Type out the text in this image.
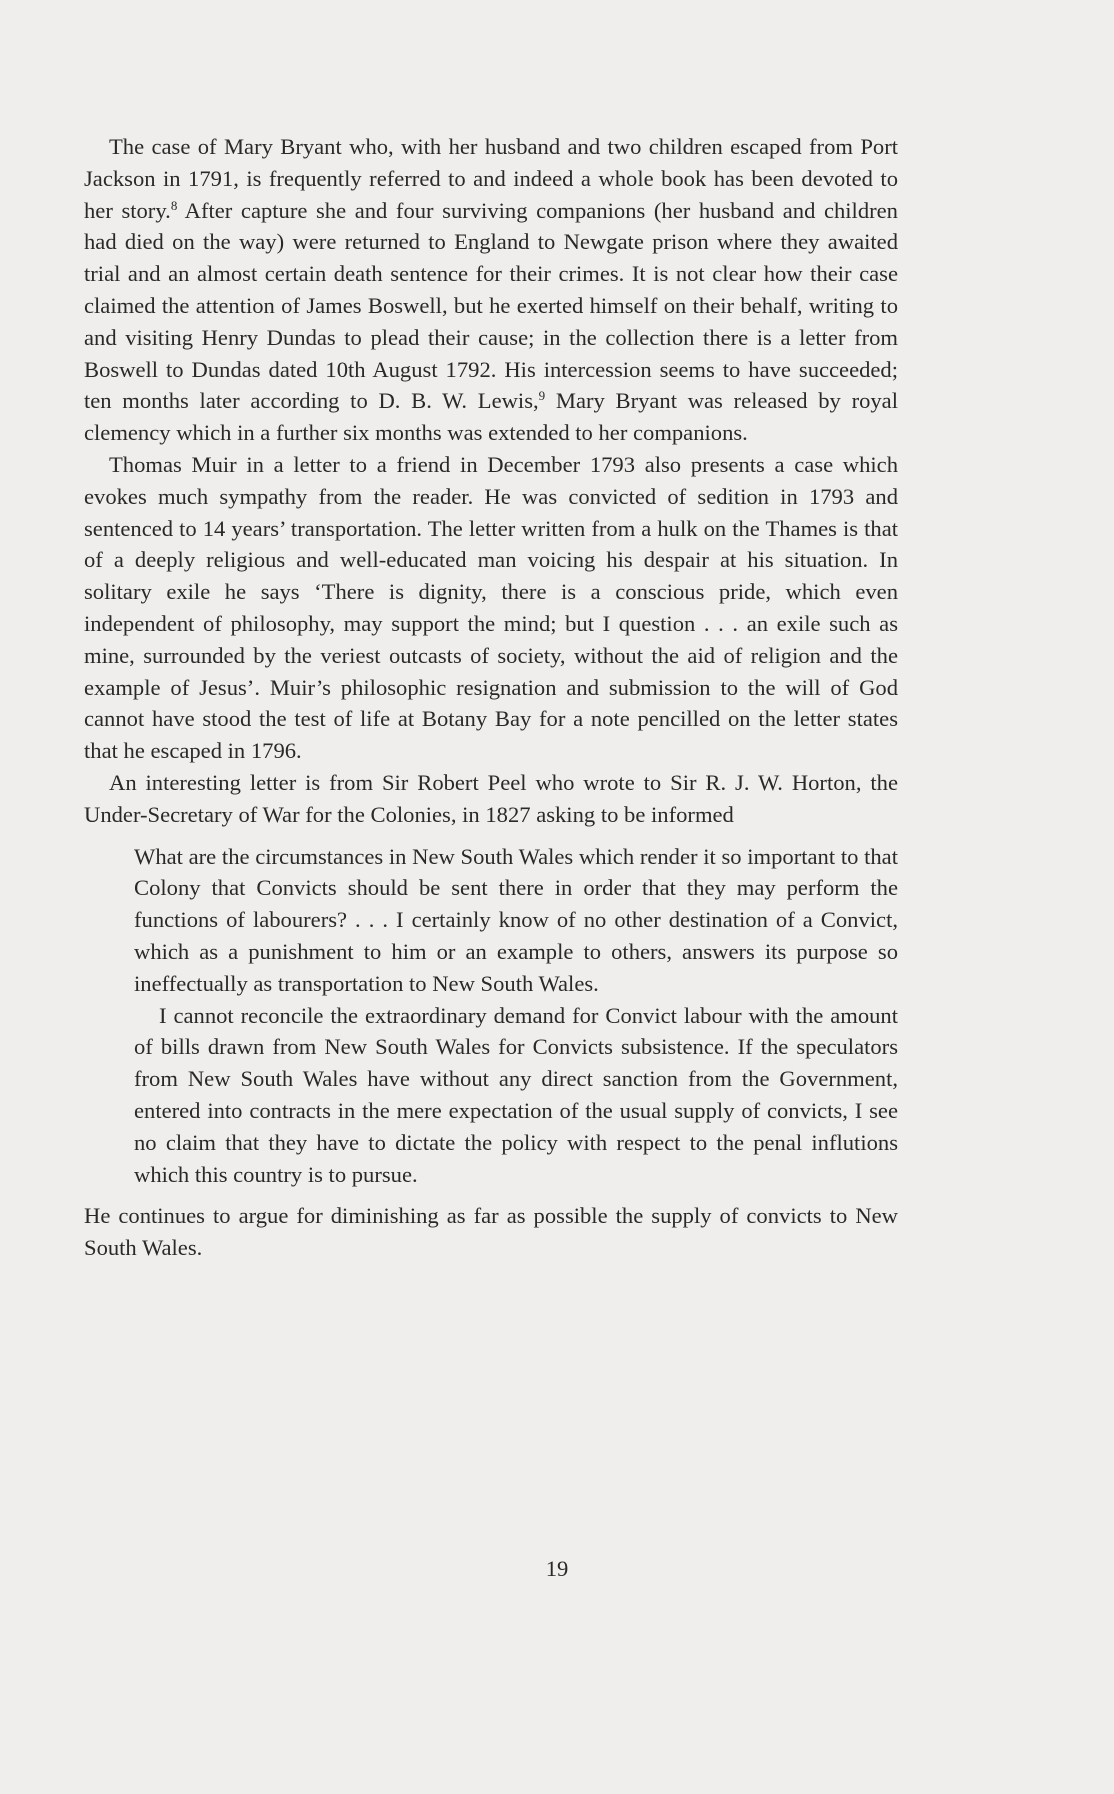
The case of Mary Bryant who, with her husband and two children escaped from Port Jackson in 1791, is frequently referred to and indeed a whole book has been devoted to her story.$^8$ After capture she and four surviving companions (her husband and children had died on the way) were returned to England to Newgate prison where they awaited trial and an almost certain death sentence for their crimes. It is not clear how their case claimed the attention of James Boswell, but he exerted himself on their behalf, writing to and visiting Henry Dundas to plead their cause; in the collection there is a letter from Boswell to Dundas dated 10th August 1792. His intercession seems to have succeeded; ten months later according to D. B. W. Lewis,$^9$ Mary Bryant was released by royal clemency which in a further six months was extended to her companions.

Thomas Muir in a letter to a friend in December 1793 also presents a case which evokes much sympathy from the reader. He was convicted of sedition in 1793 and sentenced to 14 years’ transportation. The letter written from a hulk on the Thames is that of a deeply religious and well-educated man voicing his despair at his situation. In solitary exile he says ‘There is dignity, there is a conscious pride, which even independent of philosophy, may support the mind; but I question . . . an exile such as mine, surrounded by the veriest outcasts of society, without the aid of religion and the example of Jesus’. Muir’s philosophic resignation and submission to the will of God cannot have stood the test of life at Botany Bay for a note pencilled on the letter states that he escaped in 1796.

An interesting letter is from Sir Robert Peel who wrote to Sir R. J. W. Horton, the Under-Secretary of War for the Colonies, in 1827 asking to be informed

What are the circumstances in New South Wales which render it so important to that Colony that Convicts should be sent there in order that they may perform the functions of labourers? . . . I certainly know of no other destination of a Convict, which as a punishment to him or an example to others, answers its purpose so ineffectually as transportation to New South Wales.

I cannot reconcile the extraordinary demand for Convict labour with the amount of bills drawn from New South Wales for Convicts subsistence. If the speculators from New South Wales have without any direct sanction from the Government, entered into contracts in the mere expectation of the usual supply of convicts, I see no claim that they have to dictate the policy with respect to the penal influtions which this country is to pursue.

He continues to argue for diminishing as far as possible the supply of convicts to New South Wales.

19
